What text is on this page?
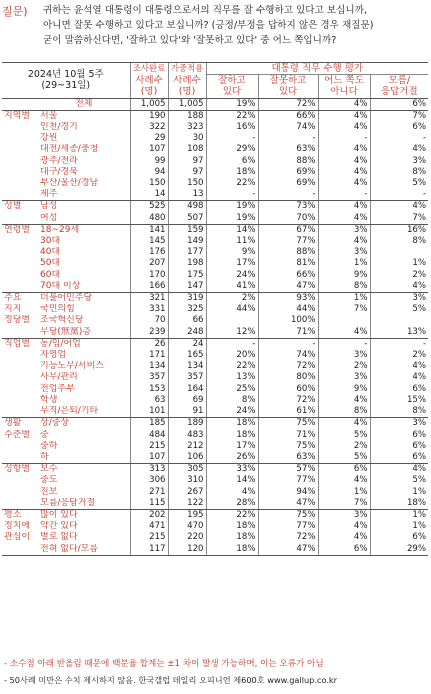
질문) 귀하는 윤석열 대통령이 대통령으로서의 직무를 잘 수행하고 있다고 보십니까,
아니면 잘못 수행하고 있다고 보십니까? (긍정/부정을 답하지 않은 경우 재질문)
굳이 말씀하신다면, '잘하고 있다'와 '잘못하고 있다' 중 어느 쪽입니까?
2024년 10월 5주
(29~31일)		조사완료	가중적용	대통령 직무 수행 평가			
		사례수	사례수	잘하고	잘못하고	어느 쪽도	모름/
		(명)	(명)	있다	있다	아니다	응답거절
	전체	1,005	1,005	19%	72%	4%	6%
지역별	서울	190	188	22%	66%	4%	7%
	인천/경기	322	323	16%	74%	4%	6%
	강원	29	30	-	-	-	-
	대전/세종/충청	107	108	29%	63%	4%	4%
	광주/전라	99	97	6%	88%	4%	3%
	대구/경북	94	97	18%	69%	4%	8%
	부산/울산/경남	150	150	22%	69%	4%	5%
	제주	14	13	-	-	-	-
성별	남성	525	498	19%	73%	4%	4%
	여성	480	507	19%	70%	4%	7%
연령별	18~29세	141	159	14%	67%	3%	16%
	30대	145	149	11%	77%	4%	8%
	40대	176	177	9%	88%	3%	
	50대	207	198	17%	81%	1%	1%
	60대	170	175	24%	66%	9%	2%
	70대 이상	166	147	41%	47%	8%	4%
주요	더불어민주당	321	319	2%	93%	1%	3%
지지	국민의힘	331	325	44%	44%	7%	5%
정당별	조국혁신당	70	66		100%		
	무당(無黨)층	239	248	12%	71%	4%	13%
직업별	농/임/어업	26	24	-	-	-	-
	자영업	171	165	20%	74%	3%	2%
	기능노무/서비스	134	134	22%	72%	2%	4%
	사무/관리	357	357	13%	80%	3%	4%
	전업주부	153	164	25%	60%	9%	6%
	학생	63	69	8%	72%	4%	15%
	무직/은퇴/기타	101	91	24%	61%	8%	8%
생활	상/중상	185	189	18%	75%	4%	3%
수준별	중	484	483	18%	71%	5%	6%
	중하	215	212	17%	75%	2%	6%
	하	107	106	26%	63%	5%	6%
성향별	보수	313	305	33%	57%	6%	4%
	중도	306	310	14%	77%	4%	5%
	진보	271	267	4%	94%	1%	1%
	모름/응답거절	115	122	28%	47%	7%	18%
평소	많이 있다	202	195	22%	75%	3%	1%
정치에	약간 있다	471	470	18%	77%	4%	1%
관심이	별로 없다	215	220	18%	72%	4%	6%
	전혀 없다/모름	117	120	18%	47%	6%	29%
- 소수점 아래 반올림 때문에 백분율 합계는 ±1 차이 발생 가능하며, 이는 오류가 아님
- 50사례 미만은 수치 제시하지 않음. 한국갤럽 데일리 오피니언 제600호 www.gallup.co.kr
